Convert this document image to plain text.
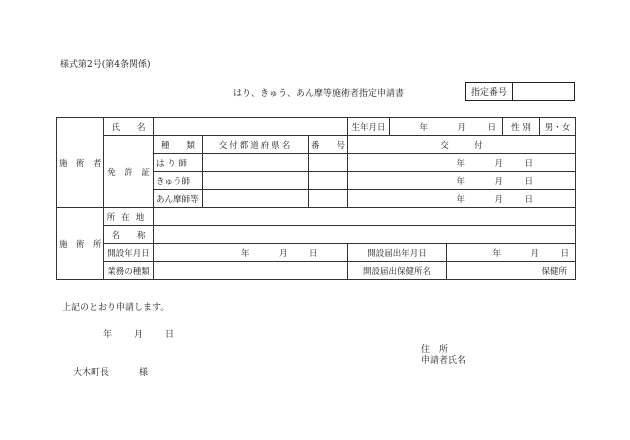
様式第2号(第4条関係)
はり、きゅう、あん摩等施術者指定申請書	指定番号
施　術　者	氏　　名				生年月日	年 月 日		性 別	男・女
	免　許　証	種　　類	交付都道府県名	番　　号	交　　　付				
		は り 師			年 月 日				

		きゅう師			年 月 日				

		あん摩師等			年 月 日				

施　術　所	所在地								
	名　　称								
	開設年月日	年 月 日			開設届出年月日		年 月 日		

	業務の種類				開設届出保健所名		保健所		
上記のとおり申請します。
年 月 日
住　所
申請者氏名
大木町長	様
